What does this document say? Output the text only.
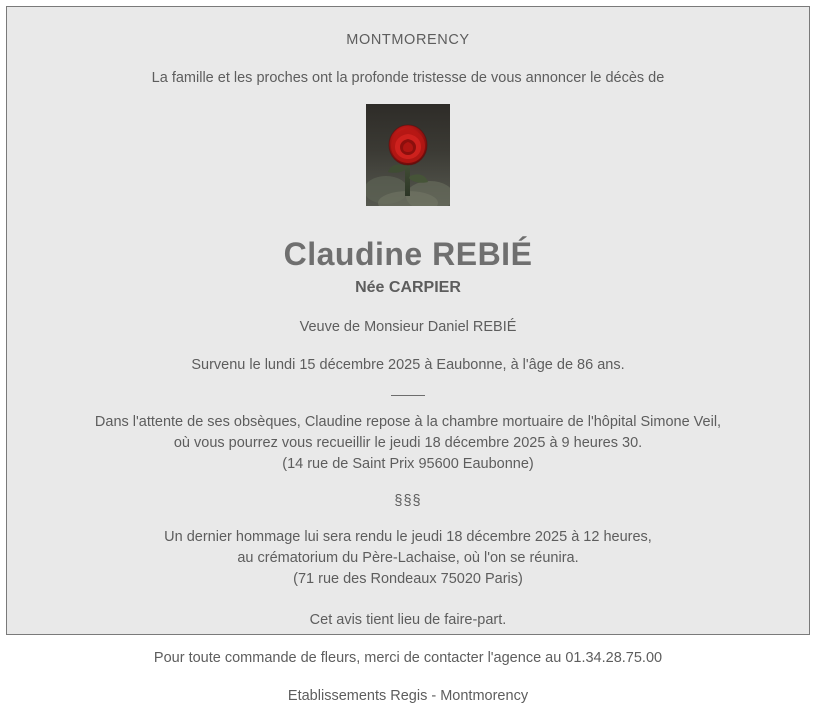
MONTMORENCY
La famille et les proches ont la profonde tristesse de vous annoncer le décès de
Claudine REBIÉ
Née CARPIER
Veuve de Monsieur Daniel REBIÉ
Survenu le lundi 15 décembre 2025 à Eaubonne, à l'âge de 86 ans.
Dans l'attente de ses obsèques, Claudine repose à la chambre mortuaire de l'hôpital Simone Veil,
où vous pourrez vous recueillir le jeudi 18 décembre 2025 à 9 heures 30.
(14 rue de Saint Prix 95600 Eaubonne)
§§§
Un dernier hommage lui sera rendu le jeudi 18 décembre 2025 à 12 heures,
au crématorium du Père-Lachaise, où l'on se réunira.
(71 rue des Rondeaux 75020 Paris)
Cet avis tient lieu de faire-part.
Pour toute commande de fleurs, merci de contacter l'agence au 01.34.28.75.00
Etablissements Regis - Montmorency
